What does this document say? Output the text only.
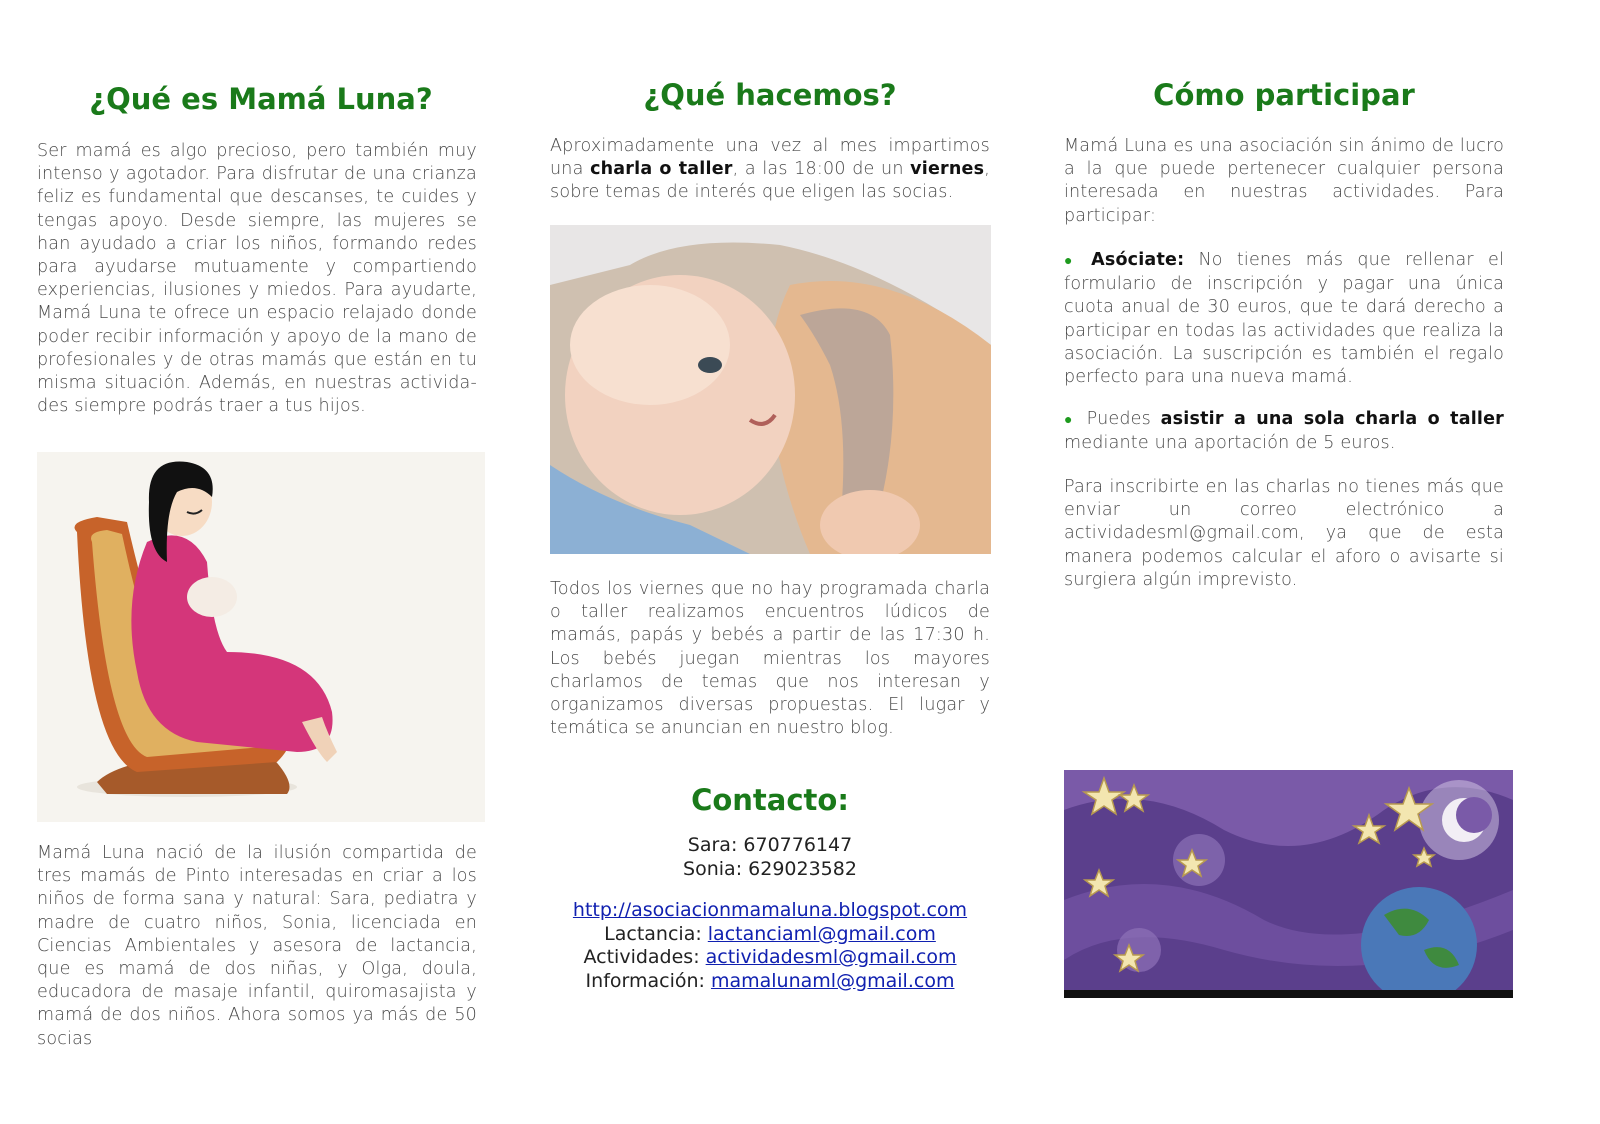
¿Qué es Mamá Luna?

Ser mamá es algo precioso, pero también muy intenso y agotador. Para disfrutar de una crianza feliz es fundamental que descanses, te cuides y tengas apoyo. Desde siempre, las mujeres se han ayudado a criar los niños, formando redes para ayudarse mutuamente y compartiendo experiencias, ilusiones y miedos. Para ayudarte, Mamá Luna te ofrece un espacio relajado donde poder recibir información y apoyo de la mano de profesionales y de otras mamás que están en tu misma situación. Además, en nuestras activida-des siempre podrás traer a tus hijos.

Mamá Luna nació de la ilusión compartida de tres mamás de Pinto interesadas en criar a los niños de forma sana y natural: Sara, pediatra y madre de cuatro niños, Sonia, licenciada en Ciencias Ambientales y asesora de lactancia, que es mamá de dos niñas, y Olga, doula, educadora de masaje infantil, quiromasajista y mamá de dos niños. Ahora somos ya más de 50 socias

¿Qué hacemos?

Aproximadamente una vez al mes impartimos una charla o taller, a las 18:00 de un viernes, sobre temas de interés que eligen las socias.

Todos los viernes que no hay programada charla o taller realizamos encuentros lúdicos de mamás, papás y bebés a partir de las 17:30 h. Los bebés juegan mientras los mayores charlamos de temas que nos interesan y organizamos diversas propuestas. El lugar y temática se anuncian en nuestro blog.

Contacto:
Sara: 670776147
Sonia: 629023582
http://asociacionmamaluna.blogspot.com
Lactancia: lactanciaml@gmail.com
Actividades: actividadesml@gmail.com
Información: mamalunaml@gmail.com
Cómo participar

Mamá Luna es una asociación sin ánimo de lucro a la que puede pertenecer cualquier persona interesada en nuestras actividades. Para participar:

● Asóciate: No tienes más que rellenar el formulario de inscripción y pagar una única cuota anual de 30 euros, que te dará derecho a participar en todas las actividades que realiza la asociación. La suscripción es también el regalo perfecto para una nueva mamá.

● Puedes asistir a una sola charla o taller mediante una aportación de 5 euros.

Para inscribirte en las charlas no tienes más que enviar un correo electrónico a actividadesml@gmail.com, ya que de esta manera podemos calcular el aforo o avisarte si surgiera algún imprevisto.
